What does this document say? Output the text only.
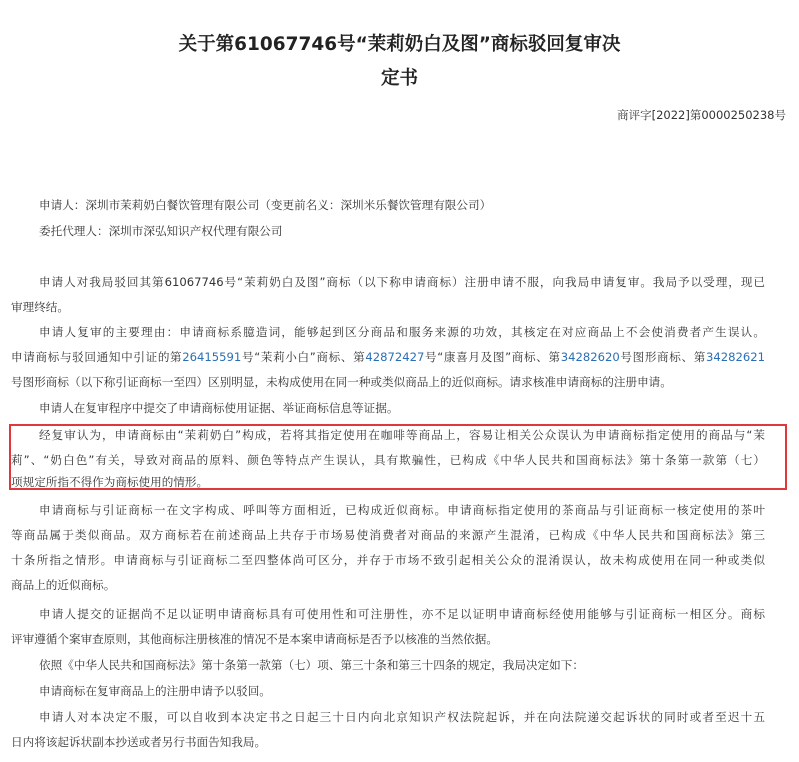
关于第61067746号“茉莉奶白及图”商标驳回复审决
定书
商评字[2022]第0000250238号
申请人：深圳市茉莉奶白餐饮管理有限公司（变更前名义：深圳米乐餐饮管理有限公司）
委托代理人：深圳市深弘知识产权代理有限公司
申请人对我局驳回其第61067746号“茉莉奶白及图”商标（以下称申请商标）注册申请不服，向我局申请复审。我局予以受理，现已
审理终结。
申请人复审的主要理由：申请商标系臆造词，能够起到区分商品和服务来源的功效，其核定在对应商品上不会使消费者产生误认。
申请商标与驳回通知中引证的第26415591号“茉莉小白”商标、第42872427号“康喜月及图”商标、第34282620号图形商标、第34282621
号图形商标（以下称引证商标一至四）区别明显，未构成使用在同一种或类似商品上的近似商标。请求核准申请商标的注册申请。
申请人在复审程序中提交了申请商标使用证据、举证商标信息等证据。
经复审认为，申请商标由“茉莉奶白”构成，若将其指定使用在咖啡等商品上，容易让相关公众误认为申请商标指定使用的商品与“茉
莉”、“奶白色”有关，导致对商品的原料、颜色等特点产生误认，具有欺骗性，已构成《中华人民共和国商标法》第十条第一款第（七）
项规定所指不得作为商标使用的情形。
申请商标与引证商标一在文字构成、呼叫等方面相近，已构成近似商标。申请商标指定使用的茶商品与引证商标一核定使用的茶叶
等商品属于类似商品。双方商标若在前述商品上共存于市场易使消费者对商品的来源产生混淆，已构成《中华人民共和国商标法》第三
十条所指之情形。申请商标与引证商标二至四整体尚可区分，并存于市场不致引起相关公众的混淆误认，故未构成使用在同一种或类似
商品上的近似商标。
申请人提交的证据尚不足以证明申请商标具有可使用性和可注册性，亦不足以证明申请商标经使用能够与引证商标一相区分。商标
评审遵循个案审查原则，其他商标注册核准的情况不是本案申请商标是否予以核准的当然依据。
依照《中华人民共和国商标法》第十条第一款第（七）项、第三十条和第三十四条的规定，我局决定如下：
申请商标在复审商品上的注册申请予以驳回。
申请人对本决定不服，可以自收到本决定书之日起三十日内向北京知识产权法院起诉，并在向法院递交起诉状的同时或者至迟十五
日内将该起诉状副本抄送或者另行书面告知我局。
